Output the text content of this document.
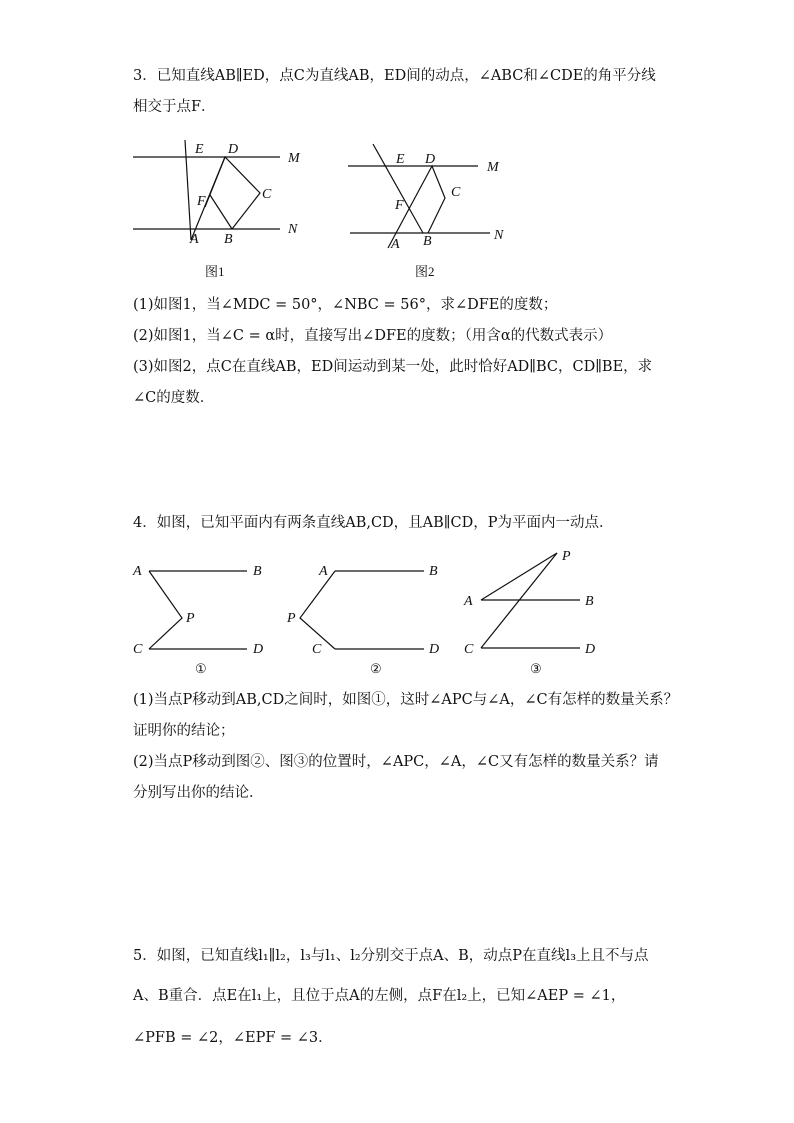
3．已知直线AB∥ED，点C为直线AB，ED间的动点，∠ABC和∠CDE的角平分线
相交于点F．
E D
M
F	C
A B
N
图1
E D
M
F
C
A B	N
图2
(1)如图1，当∠MDC = 50°，∠NBC = 56°，求∠DFE的度数；
(2)如图1，当∠C = α时，直接写出∠DFE的度数；（用含α的代数式表示）
(3)如图2，点C在直线AB，ED间运动到某一处，此时恰好AD∥BC，CD∥BE，求
∠C的度数．
4．如图，已知平面内有两条直线AB,CD，且AB∥CD，P为平面内一动点．
A	B
P
C	D
①
A	B
P
C	D
②
P
A	B
C	D
③
(1)当点P移动到AB,CD之间时，如图①，这时∠APC与∠A，∠C有怎样的数量关系？
证明你的结论；
(2)当点P移动到图②、图③的位置时，∠APC，∠A，∠C又有怎样的数量关系？请
分别写出你的结论．
5．如图，已知直线l₁∥l₂，l₃与l₁、l₂分别交于点A、B，动点P在直线l₃上且不与点
A、B重合．点E在l₁上，且位于点A的左侧，点F在l₂上，已知∠AEP = ∠1，
∠PFB = ∠2，∠EPF = ∠3．
